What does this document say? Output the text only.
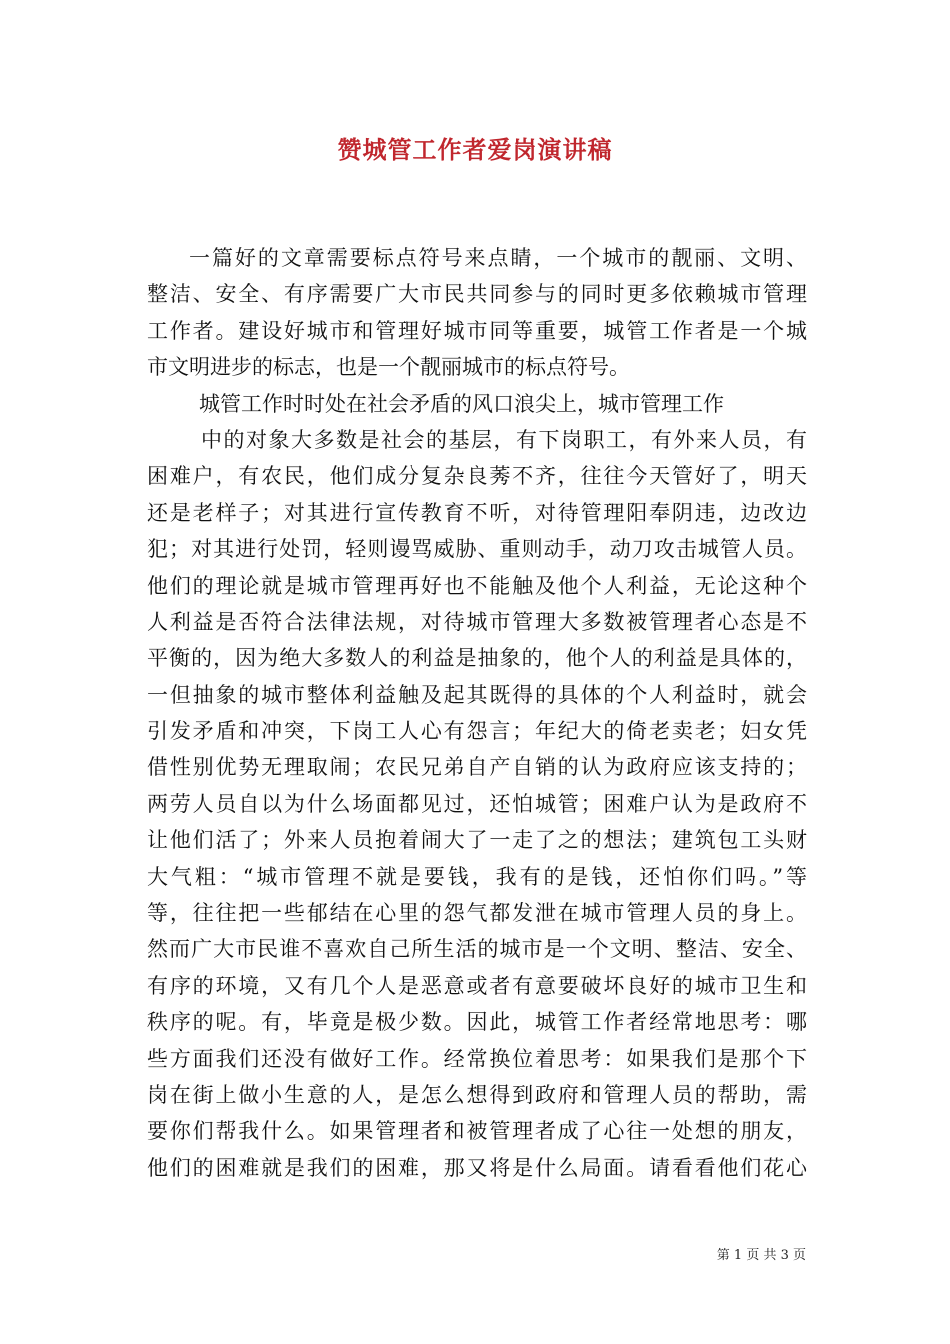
赞城管工作者爱岗演讲稿
一篇好的文章需要标点符号来点睛，一个城市的靓丽、文明、
整洁、安全、有序需要广大市民共同参与的同时更多依赖城市管理
工作者。建设好城市和管理好城市同等重要，城管工作者是一个城
市文明进步的标志，也是一个靓丽城市的标点符号。
城管工作时时处在社会矛盾的风口浪尖上，城市管理工作
中的对象大多数是社会的基层，有下岗职工，有外来人员，有
困难户，有农民，他们成分复杂良莠不齐，往往今天管好了，明天
还是老样子；对其进行宣传教育不听，对待管理阳奉阴违，边改边
犯；对其进行处罚，轻则谩骂威胁、重则动手，动刀攻击城管人员。
他们的理论就是城市管理再好也不能触及他个人利益，无论这种个
人利益是否符合法律法规，对待城市管理大多数被管理者心态是不
平衡的，因为绝大多数人的利益是抽象的，他个人的利益是具体的，
一但抽象的城市整体利益触及起其既得的具体的个人利益时，就会
引发矛盾和冲突，下岗工人心有怨言；年纪大的倚老卖老；妇女凭
借性别优势无理取闹；农民兄弟自产自销的认为政府应该支持的；
两劳人员自以为什么场面都见过，还怕城管；困难户认为是政府不
让他们活了；外来人员抱着闹大了一走了之的想法；建筑包工头财
大气粗：“城市管理不就是要钱，我有的是钱，还怕你们吗。”等
等，往往把一些郁结在心里的怨气都发泄在城市管理人员的身上。
然而广大市民谁不喜欢自己所生活的城市是一个文明、整洁、安全、
有序的环境，又有几个人是恶意或者有意要破坏良好的城市卫生和
秩序的呢。有，毕竟是极少数。因此，城管工作者经常地思考：哪
些方面我们还没有做好工作。经常换位着思考：如果我们是那个下
岗在街上做小生意的人，是怎么想得到政府和管理人员的帮助，需
要你们帮我什么。如果管理者和被管理者成了心往一处想的朋友，
他们的困难就是我们的困难，那又将是什么局面。请看看他们花心
第 1 页 共 3 页
